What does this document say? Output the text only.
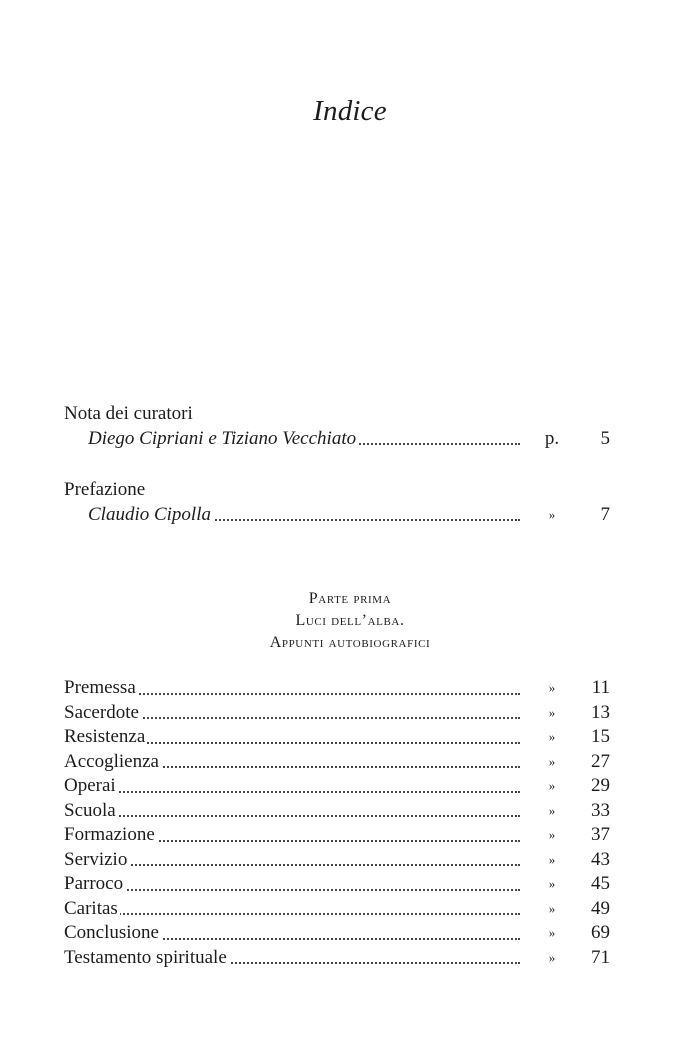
Indice
Nota dei curatori
Diego Cipriani e Tiziano Vecchiato	p.	5
Prefazione
Claudio Cipolla	»	7
Parte prima
Luci dell’alba.
Appunti autobiografici
Premessa	»	11
Sacerdote	»	13
Resistenza	»	15
Accoglienza	»	27
Operai	»	29
Scuola	»	33
Formazione	»	37
Servizio	»	43
Parroco	»	45
Caritas	»	49
Conclusione	»	69
Testamento spirituale	»	71
